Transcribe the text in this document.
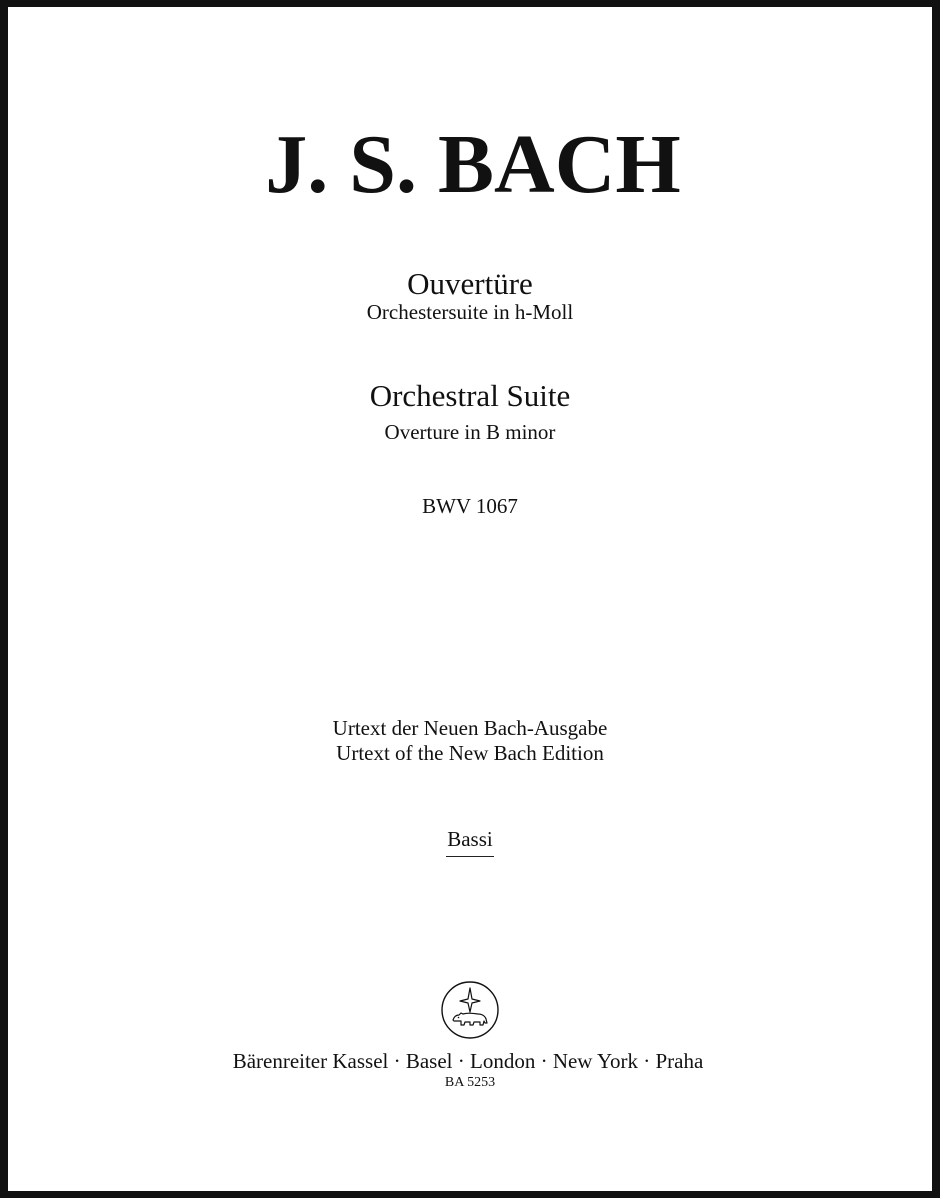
J. S. BACH
Ouvertüre
Orchestersuite in h-Moll
Orchestral Suite
Overture in B minor
BWV 1067
Urtext der Neuen Bach-Ausgabe
Urtext of the New Bach Edition
Bassi
Bärenreiter Kassel · Basel · London · New York · Praha
BA 5253
